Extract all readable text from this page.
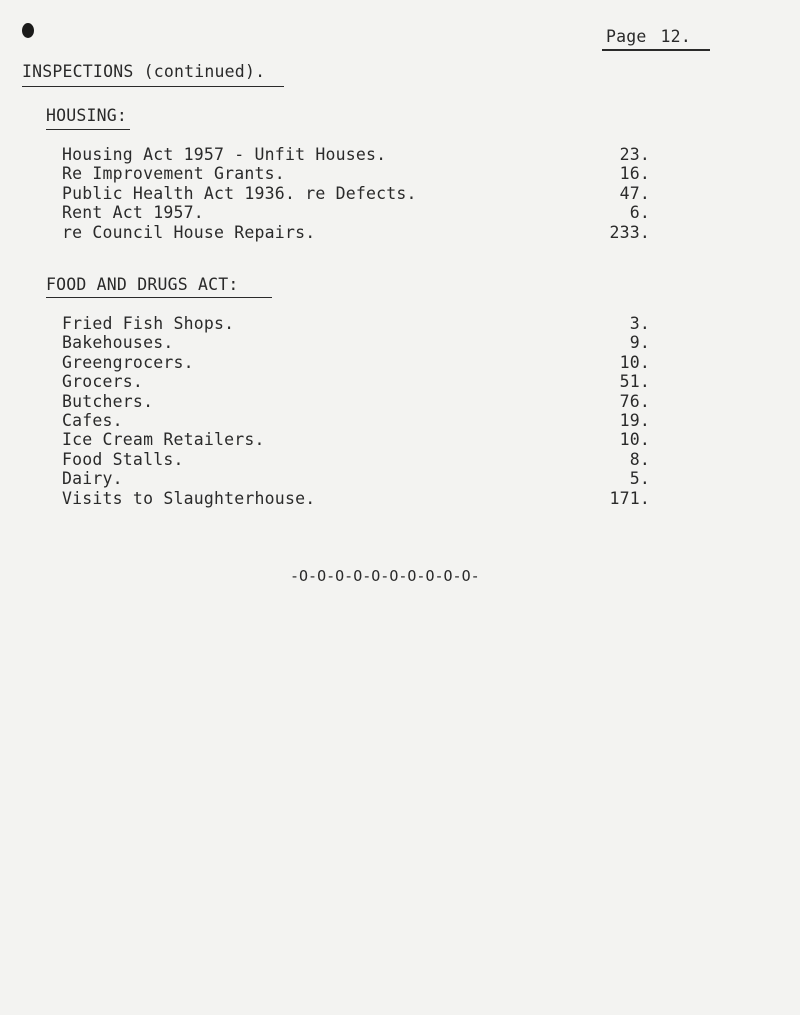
Page 12.
INSPECTIONS (continued).
HOUSING:
Housing Act 1957 - Unfit Houses.	23.
Re Improvement Grants.	16.
Public Health Act 1936. re Defects.	47.
Rent Act 1957.	6.
re Council House Repairs.	233.
FOOD AND DRUGS ACT:
Fried Fish Shops.	3.
Bakehouses.	9.
Greengrocers.	10.
Grocers.	51.
Butchers.	76.
Cafes.	19.
Ice Cream Retailers.	10.
Food Stalls.	8.
Dairy.	5.
Visits to Slaughterhouse.	171.
-O-O-O-O-O-O-O-O-O-O-
